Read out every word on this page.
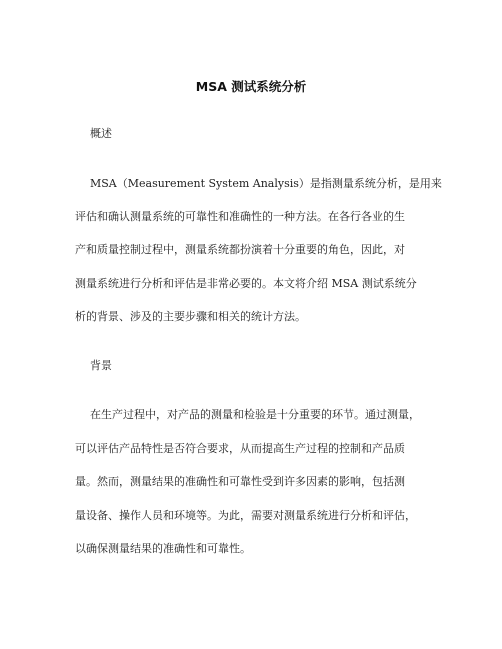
MSA 测试系统分析
概述
MSA（Measurement System Analysis）是指测量系统分析，是用来
评估和确认测量系统的可靠性和准确性的一种方法。在各行各业的生
产和质量控制过程中，测量系统都扮演着十分重要的角色，因此，对
测量系统进行分析和评估是非常必要的。本文将介绍 MSA 测试系统分
析的背景、涉及的主要步骤和相关的统计方法。
背景
在生产过程中，对产品的测量和检验是十分重要的环节。通过测量，
可以评估产品特性是否符合要求，从而提高生产过程的控制和产品质
量。然而，测量结果的准确性和可靠性受到许多因素的影响，包括测
量设备、操作人员和环境等。为此，需要对测量系统进行分析和评估，
以确保测量结果的准确性和可靠性。
